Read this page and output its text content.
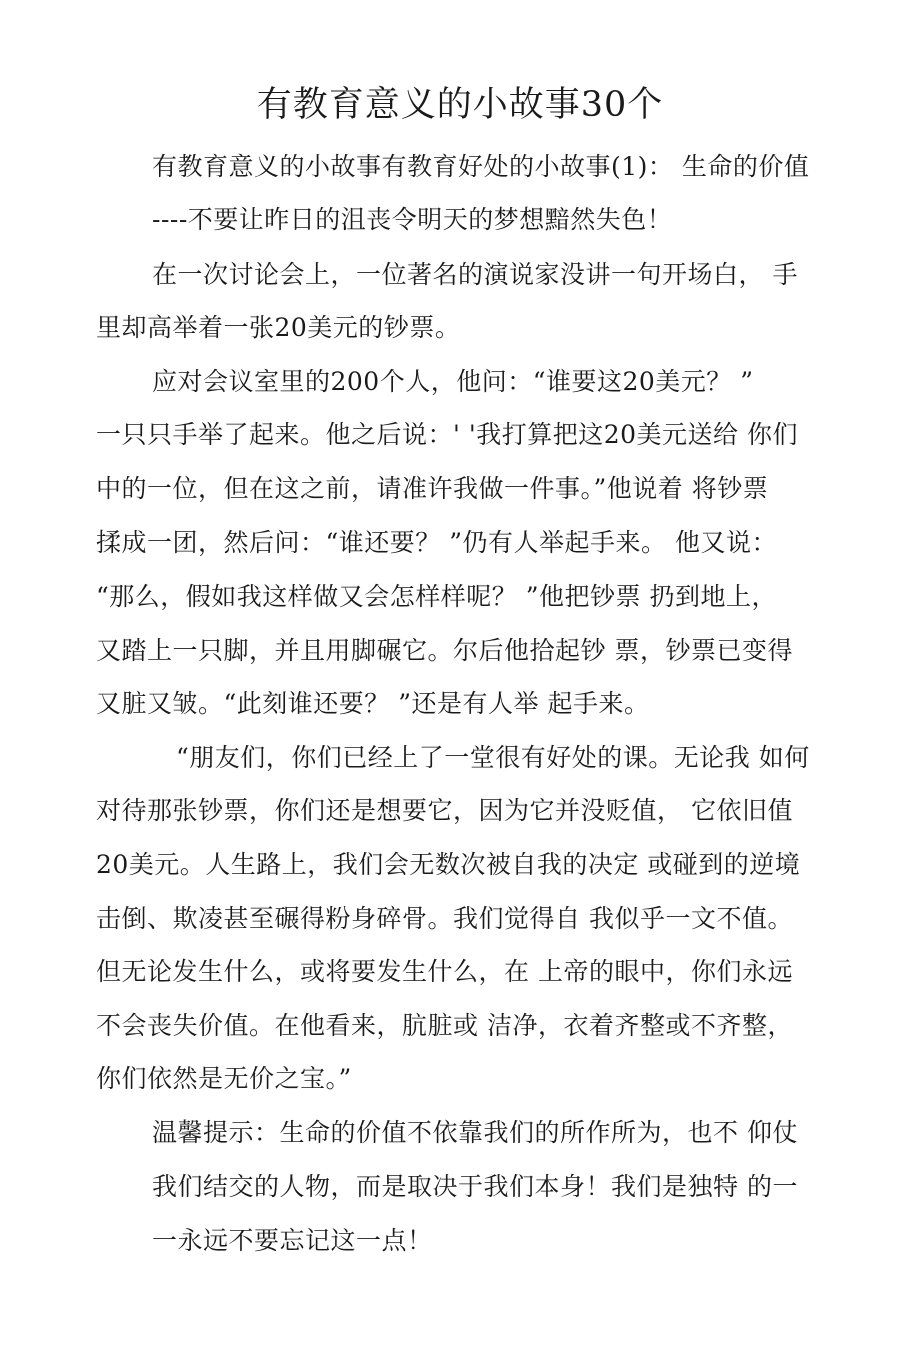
有教育意义的小故事30个
有教育意义的小故事有教育好处的小故事(1)： 生命的价值
----不要让昨日的沮丧令明天的梦想黯然失色！
在一次讨论会上，一位著名的演说家没讲一句开场白， 手
里却高举着一张20美元的钞票。
应对会议室里的200个人，他问：“谁要这20美元？ ”
一只只手举了起来。他之后说：' '我打算把这20美元送给 你们
中的一位，但在这之前，请准许我做一件事。”他说着 将钞票
揉成一团，然后问：“谁还要？ ”仍有人举起手来。 他又说：
“那么，假如我这样做又会怎样样呢？ ”他把钞票 扔到地上，
又踏上一只脚，并且用脚碾它。尔后他拾起钞 票，钞票已变得
又脏又皱。“此刻谁还要？ ”还是有人举 起手来。
“朋友们，你们已经上了一堂很有好处的课。无论我 如何
对待那张钞票，你们还是想要它，因为它并没贬值， 它依旧值
20美元。人生路上，我们会无数次被自我的决定 或碰到的逆境
击倒、欺凌甚至碾得粉身碎骨。我们觉得自 我似乎一文不值。
但无论发生什么，或将要发生什么，在 上帝的眼中，你们永远
不会丧失价值。在他看来，肮脏或 洁净，衣着齐整或不齐整，
你们依然是无价之宝。”
温馨提示：生命的价值不依靠我们的所作所为，也不 仰仗
我们结交的人物，而是取决于我们本身！我们是独特 的一
一永远不要忘记这一点！
